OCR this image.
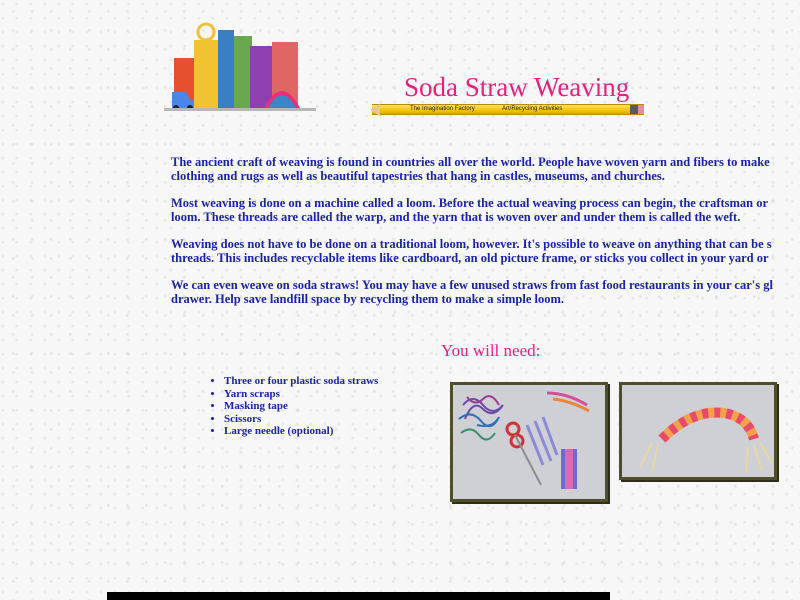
Soda Straw Weaving
The Imagination Factory	Art/Recycling Activities

The ancient craft of weaving is found in countries all over the world. People have woven yarn and fibers to make
clothing and rugs as well as beautiful tapestries that hang in castles, museums, and churches.

Most weaving is done on a machine called a loom. Before the actual weaving process can begin, the craftsman or
loom. These threads are called the warp, and the yarn that is woven over and under them is called the weft.

Weaving does not have to be done on a traditional loom, however. It's possible to weave on anything that can be s
threads. This includes recyclable items like cardboard, an old picture frame, or sticks you collect in your yard or

We can even weave on soda straws! You may have a few unused straws from fast food restaurants in your car's gl
drawer. Help save landfill space by recycling them to make a simple loom.

You will need:
• Three or four plastic soda straws
• Yarn scraps
• Masking tape
• Scissors
• Large needle (optional)
